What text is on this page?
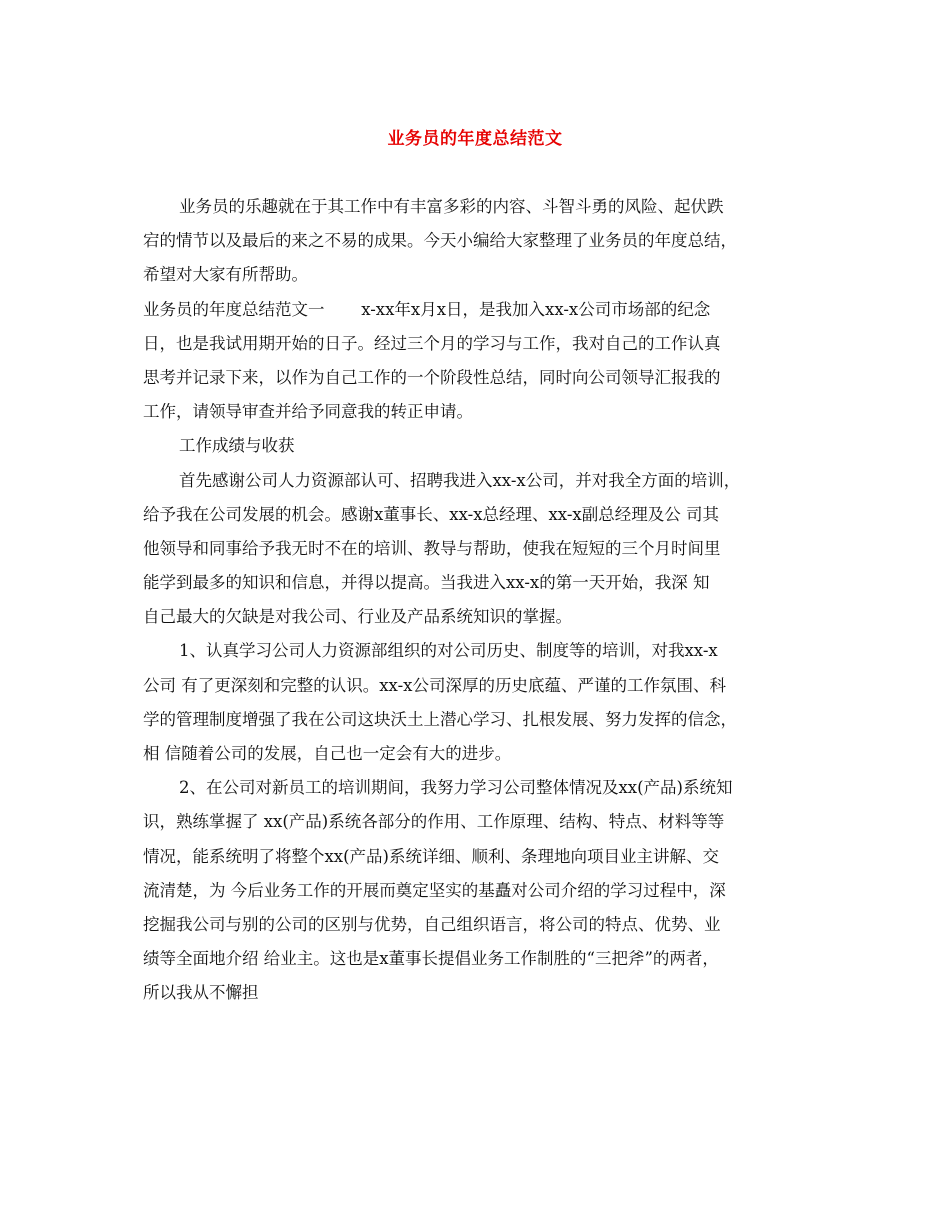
业务员的年度总结范文
业务员的乐趣就在于其工作中有丰富多彩的内容、斗智斗勇的风险、起伏跌
宕的情节以及最后的来之不易的成果。今天小编给大家整理了业务员的年度总结，
希望对大家有所帮助。
业务员的年度总结范文一       x-xx年x月x日，是我加入xx-x公司市场部的纪念
日，也是我试用期开始的日子。经过三个月的学习与工作，我对自己的工作认真
思考并记录下来，以作为自己工作的一个阶段性总结，同时向公司领导汇报我的
工作，请领导审查并给予同意我的转正申请。
工作成绩与收获
首先感谢公司人力资源部认可、招聘我进入xx-x公司，并对我全方面的培训，
给予我在公司发展的机会。感谢x董事长、xx-x总经理、xx-x副总经理及公 司其
他领导和同事给予我无时不在的培训、教导与帮助，使我在短短的三个月时间里
能学到最多的知识和信息，并得以提高。当我进入xx-x的第一天开始，我深 知
自己最大的欠缺是对我公司、行业及产品系统知识的掌握。
1、认真学习公司人力资源部组织的对公司历史、制度等的培训，对我xx-x
公司 有了更深刻和完整的认识。xx-x公司深厚的历史底蕴、严谨的工作氛围、科
学的管理制度增强了我在公司这块沃土上潜心学习、扎根发展、努力发挥的信念，
相 信随着公司的发展，自己也一定会有大的进步。
2、在公司对新员工的培训期间，我努力学习公司整体情况及xx(产品)系统知
识，熟练掌握了 xx(产品)系统各部分的作用、工作原理、结构、特点、材料等等
情况，能系统明了将整个xx(产品)系统详细、顺利、条理地向项目业主讲解、交
流清楚，为 今后业务工作的开展而奠定坚实的基矗对公司介绍的学习过程中，深
挖掘我公司与别的公司的区别与优势，自己组织语言，将公司的特点、优势、业
绩等全面地介绍 给业主。这也是x董事长提倡业务工作制胜的“三把斧”的两者，
所以我从不懈担
